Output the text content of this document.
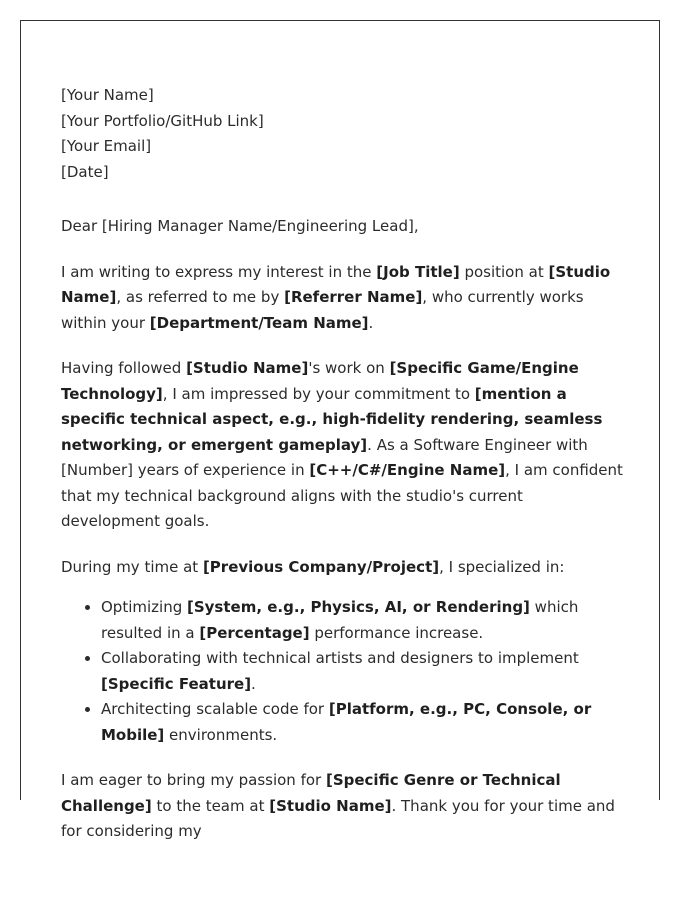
[Your Name]
[Your Portfolio/GitHub Link]
[Your Email]
[Date]
Dear [Hiring Manager Name/Engineering Lead],
I am writing to express my interest in the [Job Title] position at [Studio Name], as referred to me by [Referrer Name], who currently works within your [Department/Team Name].
Having followed [Studio Name]'s work on [Specific Game/Engine Technology], I am impressed by your commitment to [mention a specific technical aspect, e.g., high-fidelity rendering, seamless networking, or emergent gameplay]. As a Software Engineer with [Number] years of experience in [C++/C#/Engine Name], I am confident that my technical background aligns with the studio's current development goals.
During my time at [Previous Company/Project], I specialized in:
• Optimizing [System, e.g., Physics, AI, or Rendering] which resulted in a [Percentage] performance increase.
• Collaborating with technical artists and designers to implement [Specific Feature].
• Architecting scalable code for [Platform, e.g., PC, Console, or Mobile] environments.
I am eager to bring my passion for [Specific Genre or Technical Challenge] to the team at [Studio Name]. Thank you for your time and for considering my
